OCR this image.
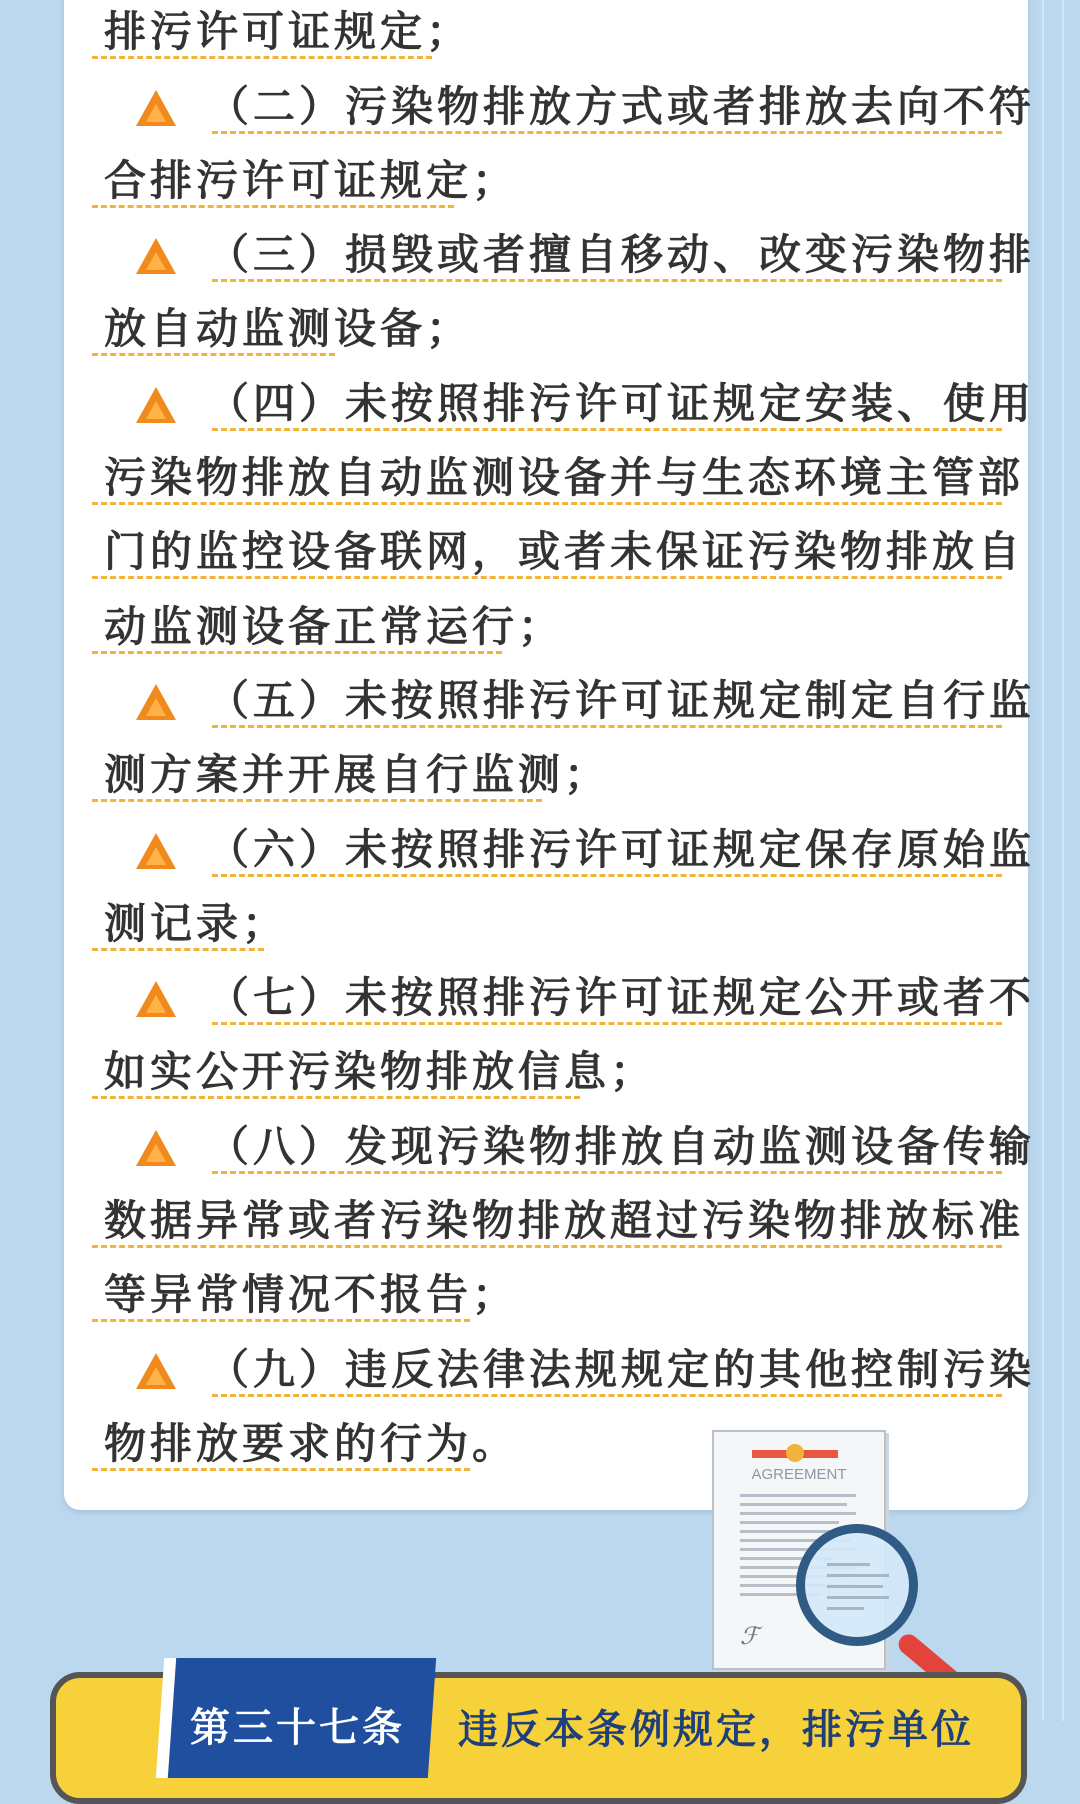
排污许可证规定；
（二）污染物排放方式或者排放去向不符
合排污许可证规定；
（三）损毁或者擅自移动、改变污染物排
放自动监测设备；
（四）未按照排污许可证规定安装、使用
污染物排放自动监测设备并与生态环境主管部
门的监控设备联网，或者未保证污染物排放自
动监测设备正常运行；
（五）未按照排污许可证规定制定自行监
测方案并开展自行监测；
（六）未按照排污许可证规定保存原始监
测记录；
（七）未按照排污许可证规定公开或者不
如实公开污染物排放信息；
（八）发现污染物排放自动监测设备传输
数据异常或者污染物排放超过污染物排放标准
等异常情况不报告；
（九）违反法律法规规定的其他控制污染
物排放要求的行为。
AGREEMENT
ℱ
第三十七条 违反本条例规定，排污单位
